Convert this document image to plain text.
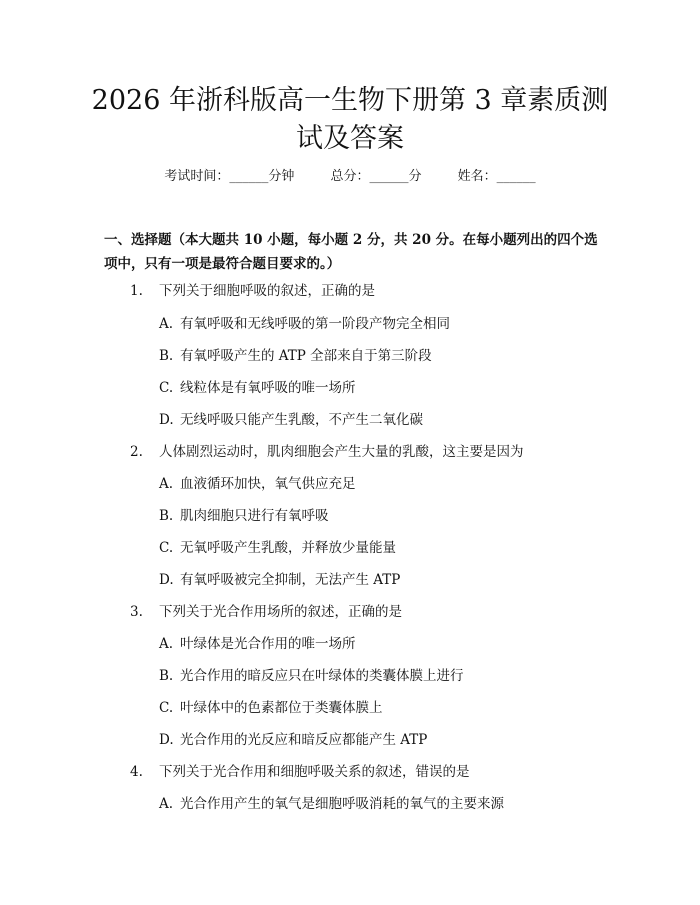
2026 年浙科版高一生物下册第 3 章素质测试及答案
考试时间：______分钟	总分：______分	姓名：______
一、选择题（本大题共 10 小题，每小题 2 分，共 20 分。在每小题列出的四个选项中，只有一项是最符合题目要求的。）
1. 下列关于细胞呼吸的叙述，正确的是
A. 有氧呼吸和无线呼吸的第一阶段产物完全相同
B. 有氧呼吸产生的 ATP 全部来自于第三阶段
C. 线粒体是有氧呼吸的唯一场所
D. 无线呼吸只能产生乳酸，不产生二氧化碳
2. 人体剧烈运动时，肌肉细胞会产生大量的乳酸，这主要是因为
A. 血液循环加快，氧气供应充足
B. 肌肉细胞只进行有氧呼吸
C. 无氧呼吸产生乳酸，并释放少量能量
D. 有氧呼吸被完全抑制，无法产生 ATP
3. 下列关于光合作用场所的叙述，正确的是
A. 叶绿体是光合作用的唯一场所
B. 光合作用的暗反应只在叶绿体的类囊体膜上进行
C. 叶绿体中的色素都位于类囊体膜上
D. 光合作用的光反应和暗反应都能产生 ATP
4. 下列关于光合作用和细胞呼吸关系的叙述，错误的是
A. 光合作用产生的氧气是细胞呼吸消耗的氧气的主要来源
